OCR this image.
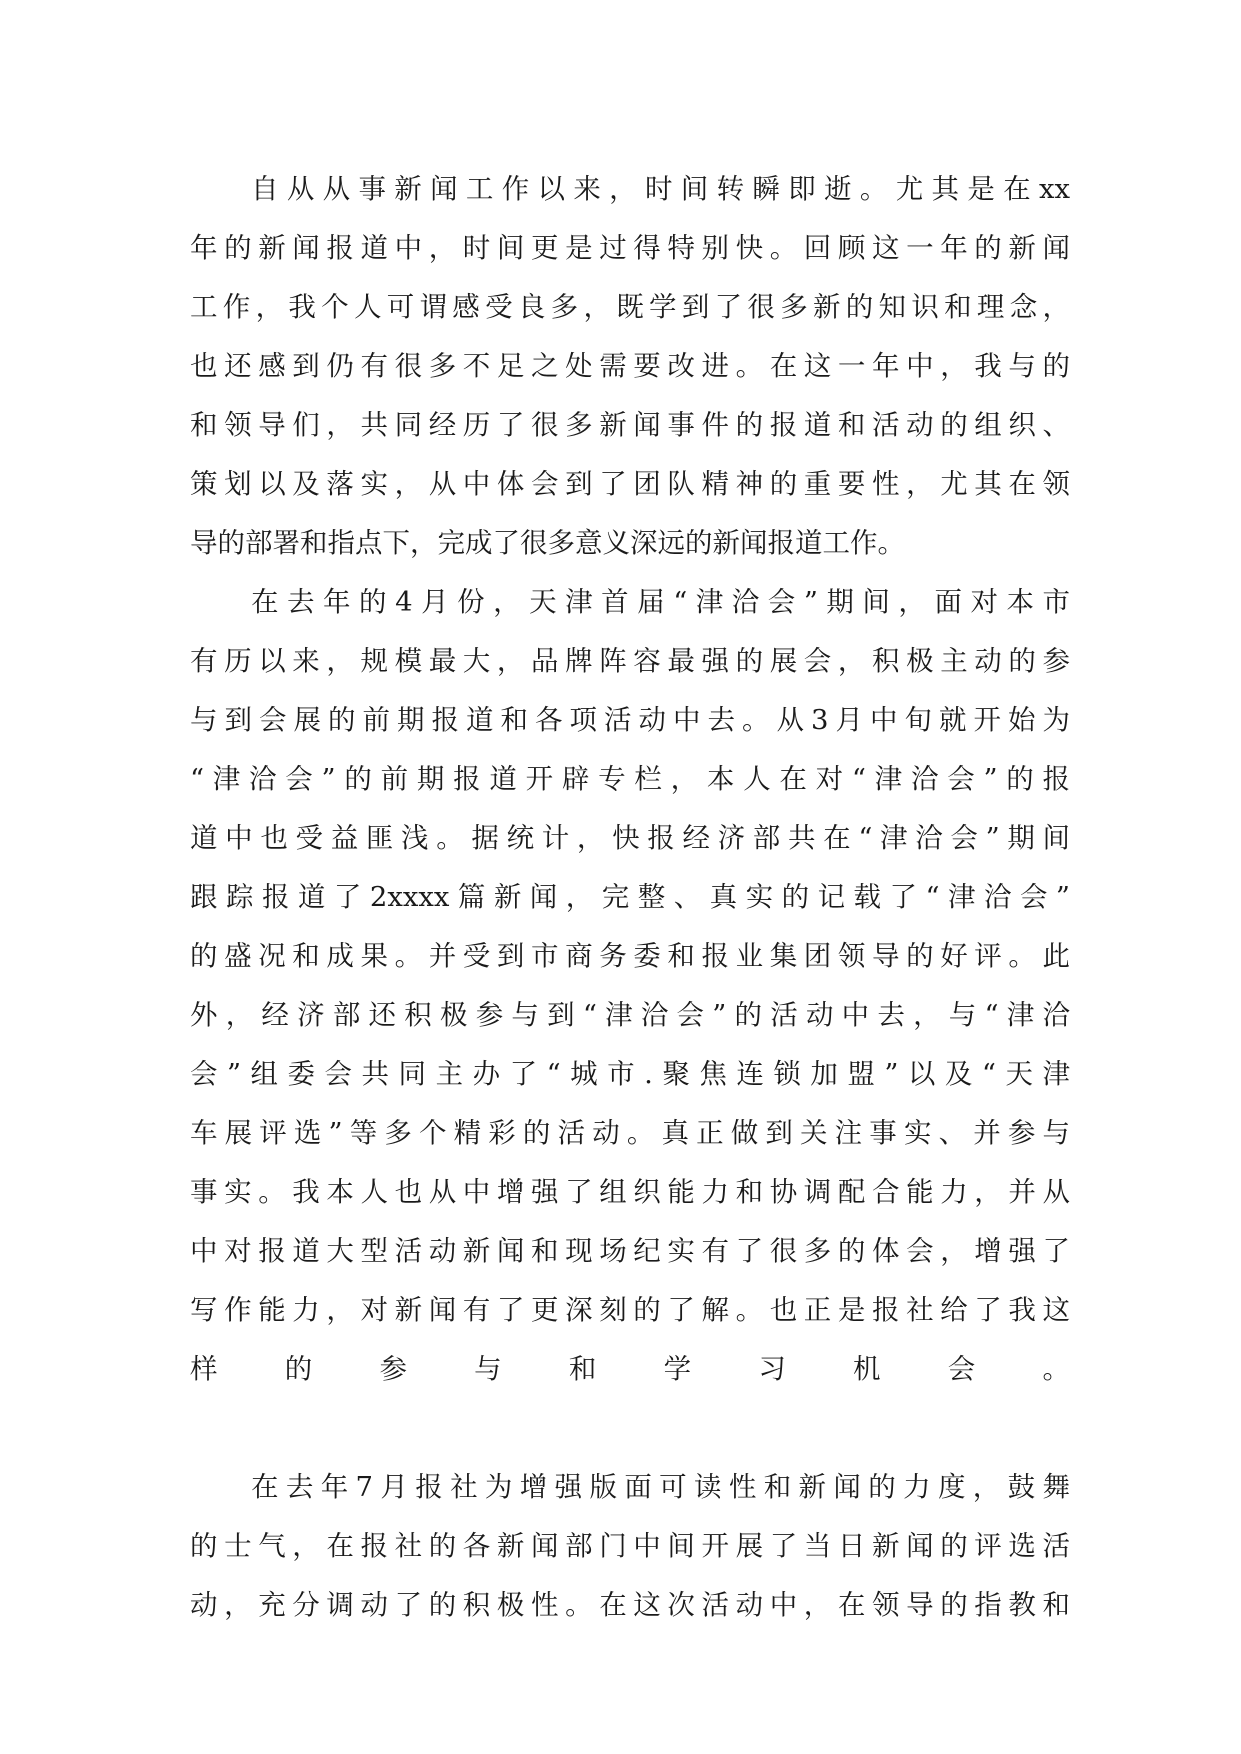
自从从事新闻工作以来，时间转瞬即逝。尤其是在xx
年的新闻报道中，时间更是过得特别快。回顾这一年的新闻
工作，我个人可谓感受良多，既学到了很多新的知识和理念，
也还感到仍有很多不足之处需要改进。在这一年中，我与的
和领导们，共同经历了很多新闻事件的报道和活动的组织、
策划以及落实，从中体会到了团队精神的重要性，尤其在领
导的部署和指点下，完成了很多意义深远的新闻报道工作。
在去年的4月份，天津首届“津洽会”期间，面对本市
有历以来，规模最大，品牌阵容最强的展会，积极主动的参
与到会展的前期报道和各项活动中去。从3月中旬就开始为
“津洽会”的前期报道开辟专栏，本人在对“津洽会”的报
道中也受益匪浅。据统计，快报经济部共在“津洽会”期间
跟踪报道了2xxxx篇新闻，完整、真实的记载了“津洽会”
的盛况和成果。并受到市商务委和报业集团领导的好评。此
外，经济部还积极参与到“津洽会”的活动中去，与“津洽
会”组委会共同主办了“城市.聚焦连锁加盟”以及“天津
车展评选”等多个精彩的活动。真正做到关注事实、并参与
事实。我本人也从中增强了组织能力和协调配合能力，并从
中对报道大型活动新闻和现场纪实有了很多的体会，增强了
写作能力，对新闻有了更深刻的了解。也正是报社给了我这
样的参与和学习机会。
在去年7月报社为增强版面可读性和新闻的力度，鼓舞
的士气，在报社的各新闻部门中间开展了当日新闻的评选活
动，充分调动了的积极性。在这次活动中，在领导的指教和
